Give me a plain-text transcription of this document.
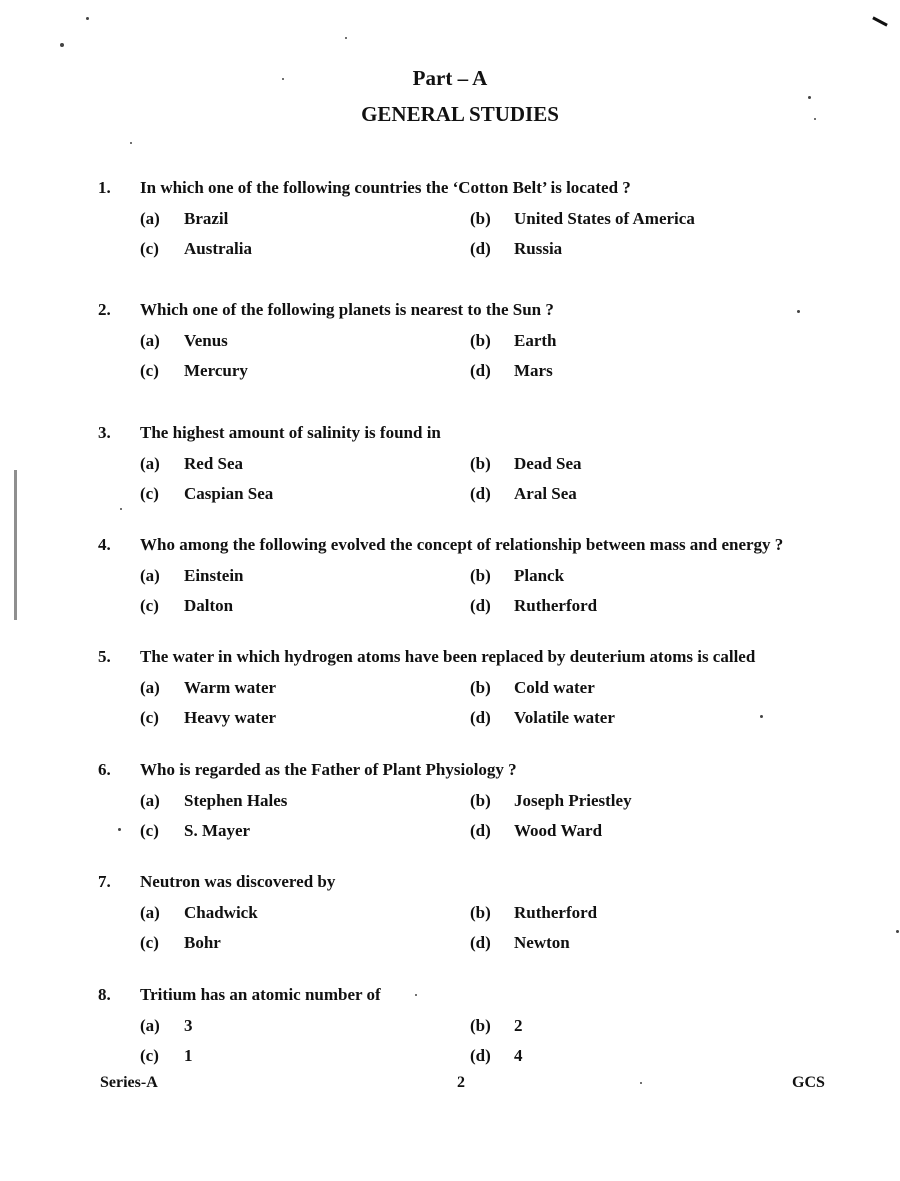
Part – A
GENERAL STUDIES
1. In which one of the following countries the ‘Cotton Belt’ is located ?
(a) Brazil	(b) United States of America
(c) Australia	(d) Russia
2. Which one of the following planets is nearest to the Sun ?
(a) Venus	(b) Earth
(c) Mercury	(d) Mars
3. The highest amount of salinity is found in
(a) Red Sea	(b) Dead Sea
(c) Caspian Sea	(d) Aral Sea
4. Who among the following evolved the concept of relationship between mass and energy ?
(a) Einstein	(b) Planck
(c) Dalton	(d) Rutherford
5. The water in which hydrogen atoms have been replaced by deuterium atoms is called
(a) Warm water	(b) Cold water
(c) Heavy water	(d) Volatile water
6. Who is regarded as the Father of Plant Physiology ?
(a) Stephen Hales	(b) Joseph Priestley
(c) S. Mayer	(d) Wood Ward
7. Neutron was discovered by
(a) Chadwick	(b) Rutherford
(c) Bohr	(d) Newton
8. Tritium has an atomic number of
(a) 3	(b) 2
(c) 1	(d) 4
Series-A	2	GCS
